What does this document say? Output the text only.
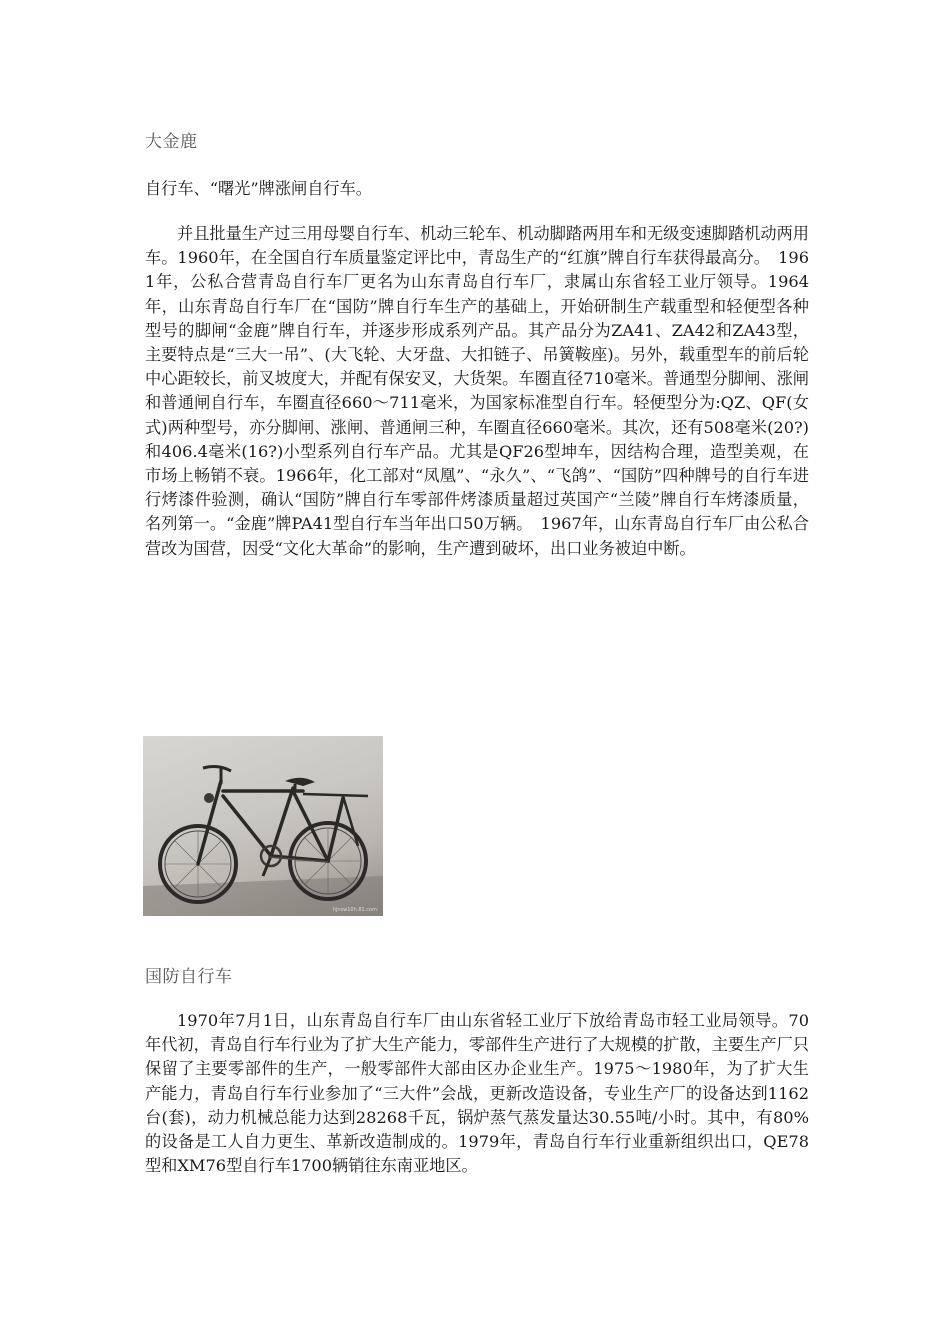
大金鹿
自行车、“曙光”牌涨闸自行车。
并且批量生产过三用母婴自行车、机动三轮车、机动脚踏两用车和无级变速脚踏机动两用车。1960年，在全国自行车质量鉴定评比中，青岛生产的“红旗”牌自行车获得最高分。　1961年，公私合营青岛自行车厂更名为山东青岛自行车厂，隶属山东省轻工业厅领导。1964年，山东青岛自行车厂在“国防”牌自行车生产的基础上，开始研制生产载重型和轻便型各种型号的脚闸“金鹿”牌自行车，并逐步形成系列产品。其产品分为ZA41、ZA42和ZA43型，主要特点是“三大一吊”、(大飞轮、大牙盘、大扣链子、吊簧鞍座)。另外，载重型车的前后轮中心距较长，前叉坡度大，并配有保安叉，大货架。车圈直径710毫米。普通型分脚闸、涨闸和普通闸自行车，车圈直径660～711毫米，为国家标准型自行车。轻便型分为:QZ、QF(女式)两种型号，亦分脚闸、涨闸、普通闸三种，车圈直径660毫米。其次，还有508毫米(20?)和406.4毫米(16?)小型系列自行车产品。尤其是QF26型坤车，因结构合理，造型美观，在市场上畅销不衰。1966年，化工部对“凤凰”、“永久”、“飞鸽”、“国防”四种牌号的自行车进行烤漆件验测，确认“国防”牌自行车零部件烤漆质量超过英国产“兰陵”牌自行车烤漆质量，名列第一。“金鹿”牌PA41型自行车当年出口50万辆。　1967年，山东青岛自行车厂由公私合营改为国营，因受“文化大革命”的影响，生产遭到破坏，出口业务被迫中断。
hjnsw10h.81.com
国防自行车
1970年7月1日，山东青岛自行车厂由山东省轻工业厅下放给青岛市轻工业局领导。70年代初，青岛自行车行业为了扩大生产能力，零部件生产进行了大规模的扩散，主要生产厂只保留了主要零部件的生产，一般零部件大部由区办企业生产。1975～1980年，为了扩大生产能力，青岛自行车行业参加了“三大件”会战，更新改造设备，专业生产厂的设备达到1162台(套)，动力机械总能力达到28268千瓦，锅炉蒸气蒸发量达30.55吨/小时。其中，有80%的设备是工人自力更生、革新改造制成的。1979年，青岛自行车行业重新组织出口，QE78型和XM76型自行车1700辆销往东南亚地区。
